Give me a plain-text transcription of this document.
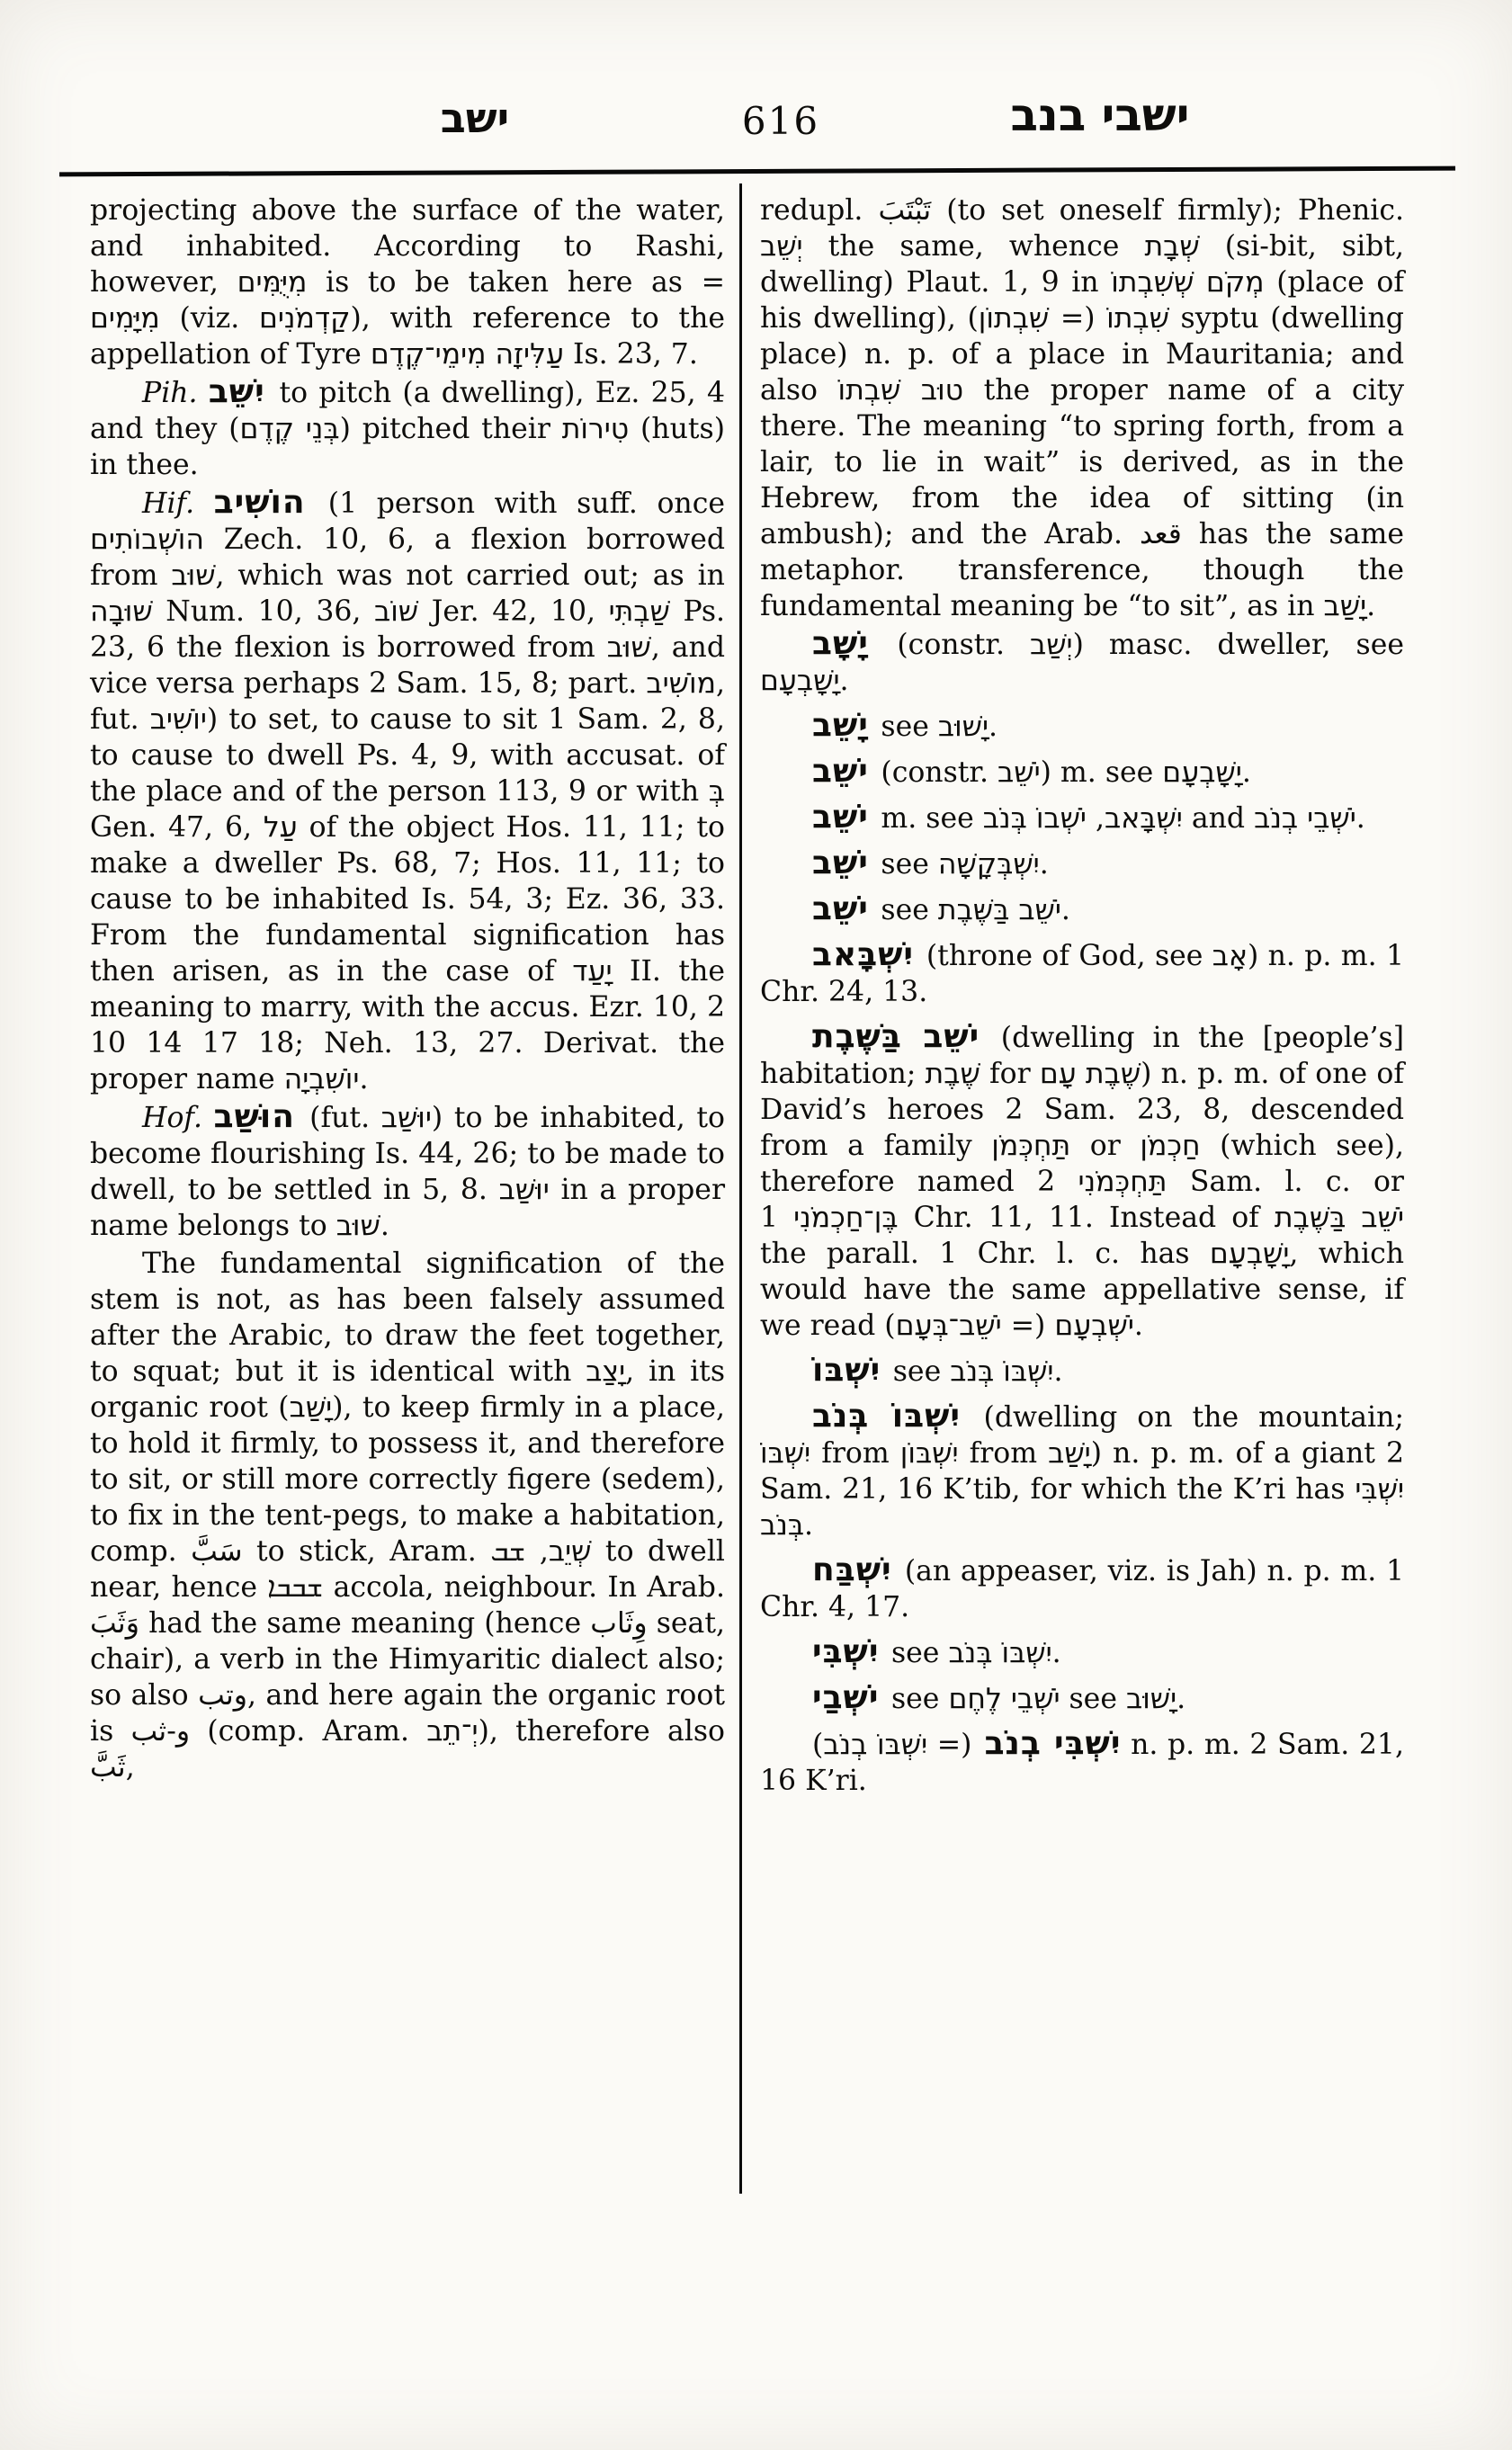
ישב	616	ישבי בנב

projecting above the surface of the water, and inhabited. According to Rashi, however, מִיֻּמִּים is to be taken here as = מִיָּמִים (viz. קַדְמֹנִים), with reference to the appellation of Tyre עַלִּיזָה מִימֵי־קֶדֶם Is. 23, 7.

Pih. יִשֵּׁב to pitch (a dwelling), Ez. 25, 4 and they (בְּנֵי קֶדֶם) pitched their טִירוֹת (huts) in thee.

Hif. הוֹשִׁיב (1 person with suff. once הוֹשְׁבוֹתִים Zech. 10, 6, a flexion borrowed from שׁוּב, which was not carried out; as in שׁוּבָה Num. 10, 36, שׁוֹב Jer. 42, 10, שַׁבְתִּי Ps. 23, 6 the flexion is borrowed from שׁוּב, and vice versa perhaps 2 Sam. 15, 8; part. מוֹשִׁיב, fut. יוֹשִׁיב) to set, to cause to sit 1 Sam. 2, 8, to cause to dwell Ps. 4, 9, with accusat. of the place and of the person 113, 9 or with בְּ Gen. 47, 6, עַל of the object Hos. 11, 11; to make a dweller Ps. 68, 7; Hos. 11, 11; to cause to be inhabited Is. 54, 3; Ez. 36, 33. From the fundamental signification has then arisen, as in the case of יָעַד II. the meaning to marry, with the accus. Ezr. 10, 2 10 14 17 18; Neh. 13, 27. Derivat. the proper name יוֹשִׁבְיָה.

Hof. הוּשַׁב (fut. יוּשַׁב) to be inhabited, to become flourishing Is. 44, 26; to be made to dwell, to be settled in 5, 8. יוּשַׁב in a proper name belongs to שׁוּב.

The fundamental signification of the stem is not, as has been falsely assumed after the Arabic, to draw the feet together, to squat; but it is identical with יָצַב, in its organic root (יָשַׁב), to keep firmly in a place, to hold it firmly, to possess it, and therefore to sit, or still more correctly figere (sedem), to fix in the tent-pegs, to make a habitation, comp. سَبَّ to stick, Aram. שְׁיֵב, ܫܒ to dwell near, hence ܫܒܒܐ accola, neighbour. In Arab. وَثَبَ had the same meaning (hence وِثَاب seat, chair), a verb in the Himyaritic dialect also; so also وتب, and here again the organic root is و-ثب (comp. Aram. יְ־תֵב), therefore also ثَبَّ,

redupl. تَبْتَبَ (to set oneself firmly); Phenic. יְשֵׁב the same, whence שְׁבָת (si-bit, sibt, dwelling) Plaut. 1, 9 in מְקֹם שְׁשִׁבְתוֹ (place of his dwelling), שִׁבְתוֹ (= שִׁבְתוֹן) syptu (dwelling place) n. p. of a place in Mauritania; and also טוּב שִׁבְתוֹ the proper name of a city there. The meaning “to spring forth, from a lair, to lie in wait” is derived, as in the Hebrew, from the idea of sitting (in ambush); and the Arab. قعد has the same metaphor. transference, though the fundamental meaning be “to sit”, as in יָשַׁב.

יָשָׁב (constr. יְשַׁב) masc. dweller, see יָשָׁבְעָם.

יָשֵׁב see יָשׁוּב.

יֹשֵׁב (constr. יֹשֵׁב) m. see יָשָׁבְעָם.

יֹשֵׁב m. see יִשְׁבָּאב, יֹשְׁבוֹ בְּנֹב and יֹשְׁבֵי בְנֹב.

יֹשֵׁב see יִשְׁבְּקָשָׁה.

יֹשֵׁב see יֹשֵׁב בַּשֶּׁבֶת.

יִשְׁבָּאב (throne of God, see אָב) n. p. m. 1 Chr. 24, 13.

יֹשֵׁב בַּשֶּׁבֶת (dwelling in the [people’s] habitation; שֶׁבֶת for שֶׁבֶת עָם) n. p. m. of one of David’s heroes 2 Sam. 23, 8, descended from a family תַּחְכְּמֹן or חַכְמֹן (which see), therefore named תַּחְכְּמֹנִי 2 Sam. l. c. or בֶּן־חַכְמֹנִי 1 Chr. 11, 11. Instead of יֹשֵׁב בַּשֶּׁבֶת the parall. 1 Chr. l. c. has יָשָׁבְעָם, which would have the same appellative sense, if we read יֹשְׁבְעָם (= יֹשֵׁב־בְּעָם).

יִשְׁבּוֹ see יִשְׁבּוֹ בְּנֹב.

יִשְׁבּוֹ בְּנֹב (dwelling on the mountain; יִשְׁבּוֹ from יִשְׁבּוֹן from יָשַׁב) n. p. m. of a giant 2 Sam. 21, 16 K’tib, for which the K’ri has יִשְׁבִּי בְּנֹב.

יִשְׁבַּח (an appeaser, viz. is Jah) n. p. m. 1 Chr. 4, 17.

יִשְׁבִּי see יִשְׁבּוֹ בְּנֹב.

יֹשְׁבַי see יֹשְׁבֵי לֶחֶם see יָשׁוּב.

יִשְׁבִּי בְנֹב (= יִשְׁבּוֹ בְנֹב) n. p. m. 2 Sam. 21, 16 K’ri.
